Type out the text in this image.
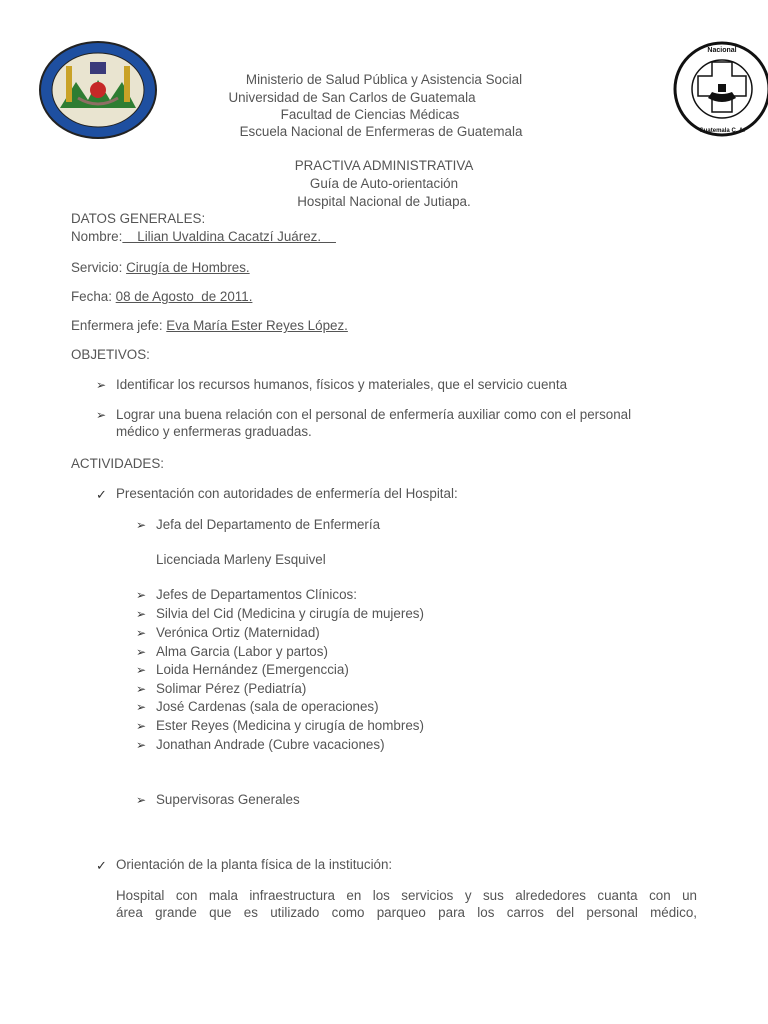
Nacional
Guatemala C. A.
Ministerio de Salud Pública y Asistencia Social
Universidad de San Carlos de Guatemala
Facultad de Ciencias Médicas
Escuela Nacional de Enfermeras de Guatemala
PRACTIVA ADMINISTRATIVA
Guía de Auto-orientación
Hospital Nacional de Jutiapa.
DATOS GENERALES:
Nombre:    Lilian Uvaldina Cacatzí Juárez.
Servicio: Cirugía de Hombres.
Fecha: 08 de Agosto  de 2011.
Enfermera jefe: Eva María Ester Reyes López.
OBJETIVOS:
➢ Identificar los recursos humanos, físicos y materiales, que el servicio cuenta
➢ Lograr una buena relación con el personal de enfermería auxiliar como con el personal
médico y enfermeras graduadas.
ACTIVIDADES:
✓ Presentación con autoridades de enfermería del Hospital:
➢ Jefa del Departamento de Enfermería
Licenciada Marleny Esquivel
➢ Jefes de Departamentos Clínicos:
➢ Silvia del Cid (Medicina y cirugía de mujeres)
➢ Verónica Ortiz (Maternidad)
➢ Alma Garcia (Labor y partos)
➢ Loida Hernández (Emergenccia)
➢ Solimar Pérez (Pediatría)
➢ José Cardenas (sala de operaciones)
➢ Ester Reyes (Medicina y cirugía de hombres)
➢ Jonathan Andrade (Cubre vacaciones)
➢ Supervisoras Generales
✓ Orientación de la planta física de la institución:
Hospital con mala infraestructura en los servicios y sus alrededores cuanta con un
área grande que es utilizado como parqueo para los carros del personal médico,
